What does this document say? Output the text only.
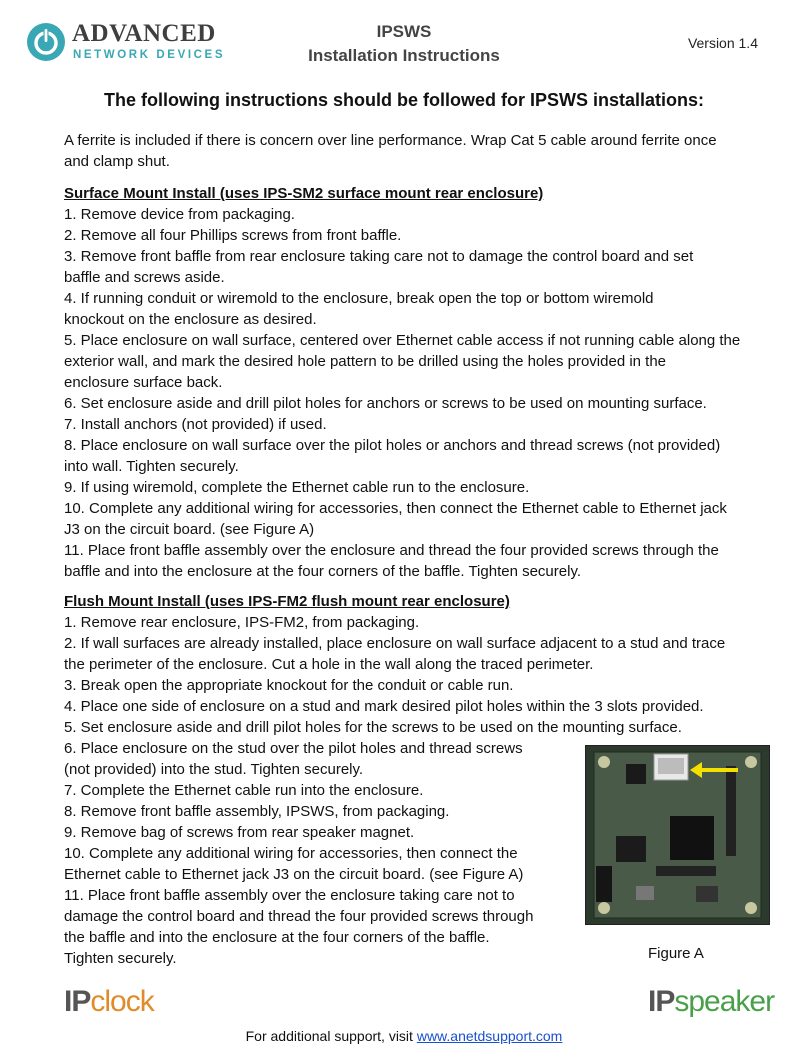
ADVANCED
NETWORK DEVICES
IPSWS
Installation Instructions
Version 1.4
The following instructions should be followed for IPSWS installations:

A ferrite is included if there is concern over line performance. Wrap Cat 5 cable around ferrite once

and clamp shut.

Surface Mount Install (uses IPS-SM2 surface mount rear enclosure)

1. Remove device from packaging.

2. Remove all four Phillips screws from front baffle.

3. Remove front baffle from rear enclosure taking care not to damage the control board and set

baffle and screws aside.

4. If running conduit or wiremold to the enclosure, break open the top or bottom wiremold

knockout on the enclosure as desired.

5. Place enclosure on wall surface, centered over Ethernet cable access if not running cable along the

exterior wall, and mark the desired hole pattern to be drilled using the holes provided in the

enclosure surface back.

6. Set enclosure aside and drill pilot holes for anchors or screws to be used on mounting surface.

7. Install anchors (not provided) if used.

8. Place enclosure on wall surface over the pilot holes or anchors and thread screws (not provided)

into wall. Tighten securely.

9. If using wiremold, complete the Ethernet cable run to the enclosure.

10. Complete any additional wiring for accessories, then connect the Ethernet cable to Ethernet jack

J3 on the circuit board. (see Figure A)

11. Place front baffle assembly over the enclosure and thread the four provided screws through the

baffle and into the enclosure at the four corners of the baffle. Tighten securely.

Flush Mount Install (uses IPS-FM2 flush mount rear enclosure)

1. Remove rear enclosure, IPS-FM2, from packaging.

2. If wall surfaces are already installed, place enclosure on wall surface adjacent to a stud and trace

the perimeter of the enclosure. Cut a hole in the wall along the traced perimeter.

3. Break open the appropriate knockout for the conduit or cable run.

4. Place one side of enclosure on a stud and mark desired pilot holes within the 3 slots provided.

5. Set enclosure aside and drill pilot holes for the screws to be used on the mounting surface.

6. Place enclosure on the stud over the pilot holes and thread screws

(not provided) into the stud. Tighten securely.

7. Complete the Ethernet cable run into the enclosure.

8. Remove front baffle assembly, IPSWS, from packaging.

9. Remove bag of screws from rear speaker magnet.

10. Complete any additional wiring for accessories, then connect the

Ethernet cable to Ethernet jack J3 on the circuit board. (see Figure A)

11. Place front baffle assembly over the enclosure taking care not to

damage the control board and thread the four provided screws through

the baffle and into the enclosure at the four corners of the baffle.

Tighten securely.	Figure A
IPclock	IPspeaker
For additional support, visit www.anetdsupport.com
